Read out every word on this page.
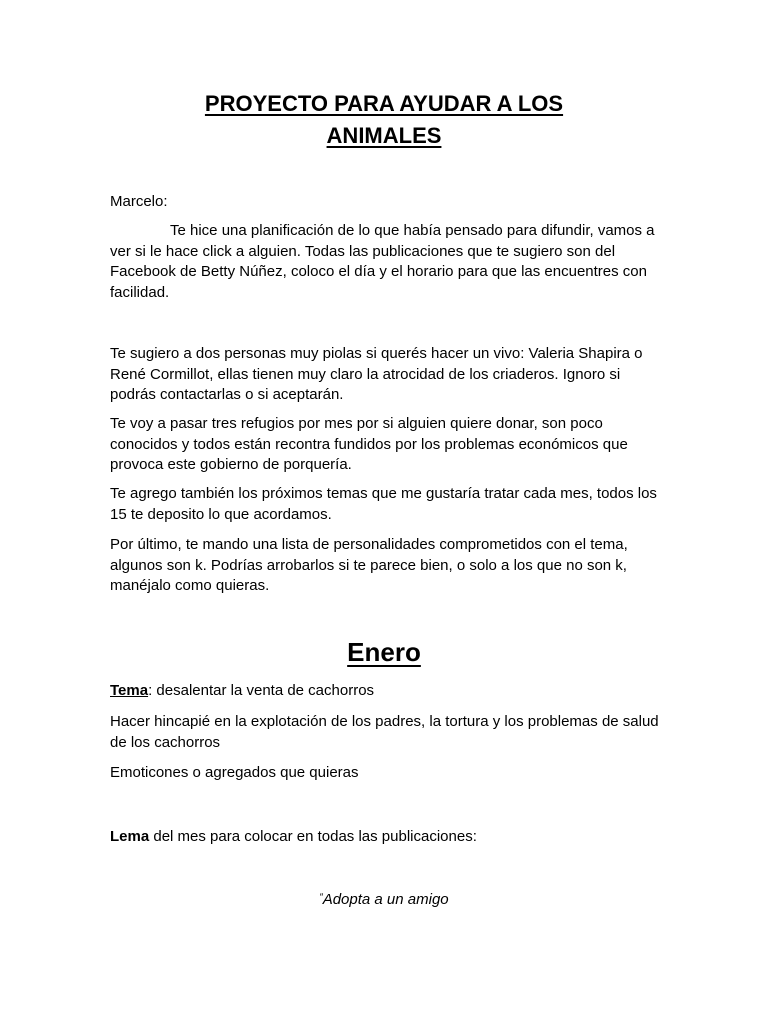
PROYECTO PARA AYUDAR A LOS
ANIMALES

Marcelo:

Te hice una planificación de lo que había pensado para difundir, vamos a ver si le hace click a alguien. Todas las publicaciones que te sugiero son del Facebook de Betty Núñez, coloco el día y el horario para que las encuentres con facilidad.

Te sugiero a dos personas muy piolas si querés hacer un vivo: Valeria Shapira o René Cormillot, ellas tienen muy claro la atrocidad de los criaderos. Ignoro si podrás contactarlas o si aceptarán.

Te voy a pasar tres refugios por mes por si alguien quiere donar, son poco conocidos y todos están recontra fundidos por los problemas económicos que provoca este gobierno de porquería.

Te agrego también los próximos temas que me gustaría tratar cada mes, todos los 15 te deposito lo que acordamos.

Por último, te mando una lista de personalidades comprometidos con el tema, algunos son k. Podrías arrobarlos si te parece bien, o solo a los que no son k, manéjalo como quieras.

Enero

Tema: desalentar la venta de cachorros

Hacer hincapié en la explotación de los padres, la tortura y los problemas de salud de los cachorros

Emoticones o agregados que quieras

Lema del mes para colocar en todas las publicaciones:

“Adopta a un amigo
